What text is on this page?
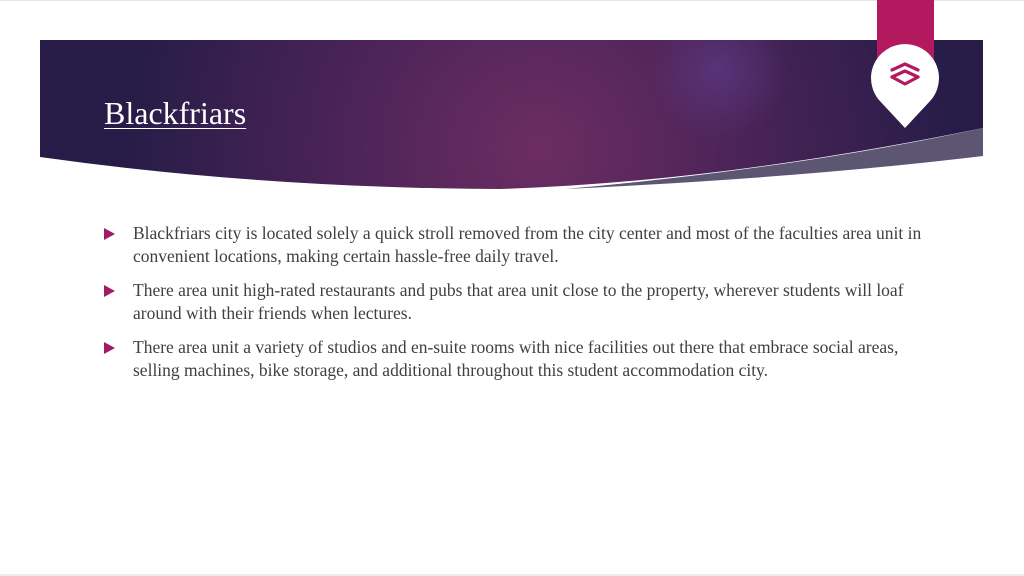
Blackfriars
Blackfriars city is located solely a quick stroll removed from the city center and most of the faculties area unit in convenient locations, making certain hassle-free daily travel.
There area unit high-rated restaurants and pubs that area unit close to the property, wherever students will loaf around with their friends when lectures.
There area unit a variety of studios and en-suite rooms with nice facilities out there that embrace social areas, selling machines, bike storage, and additional throughout this student accommodation city.
